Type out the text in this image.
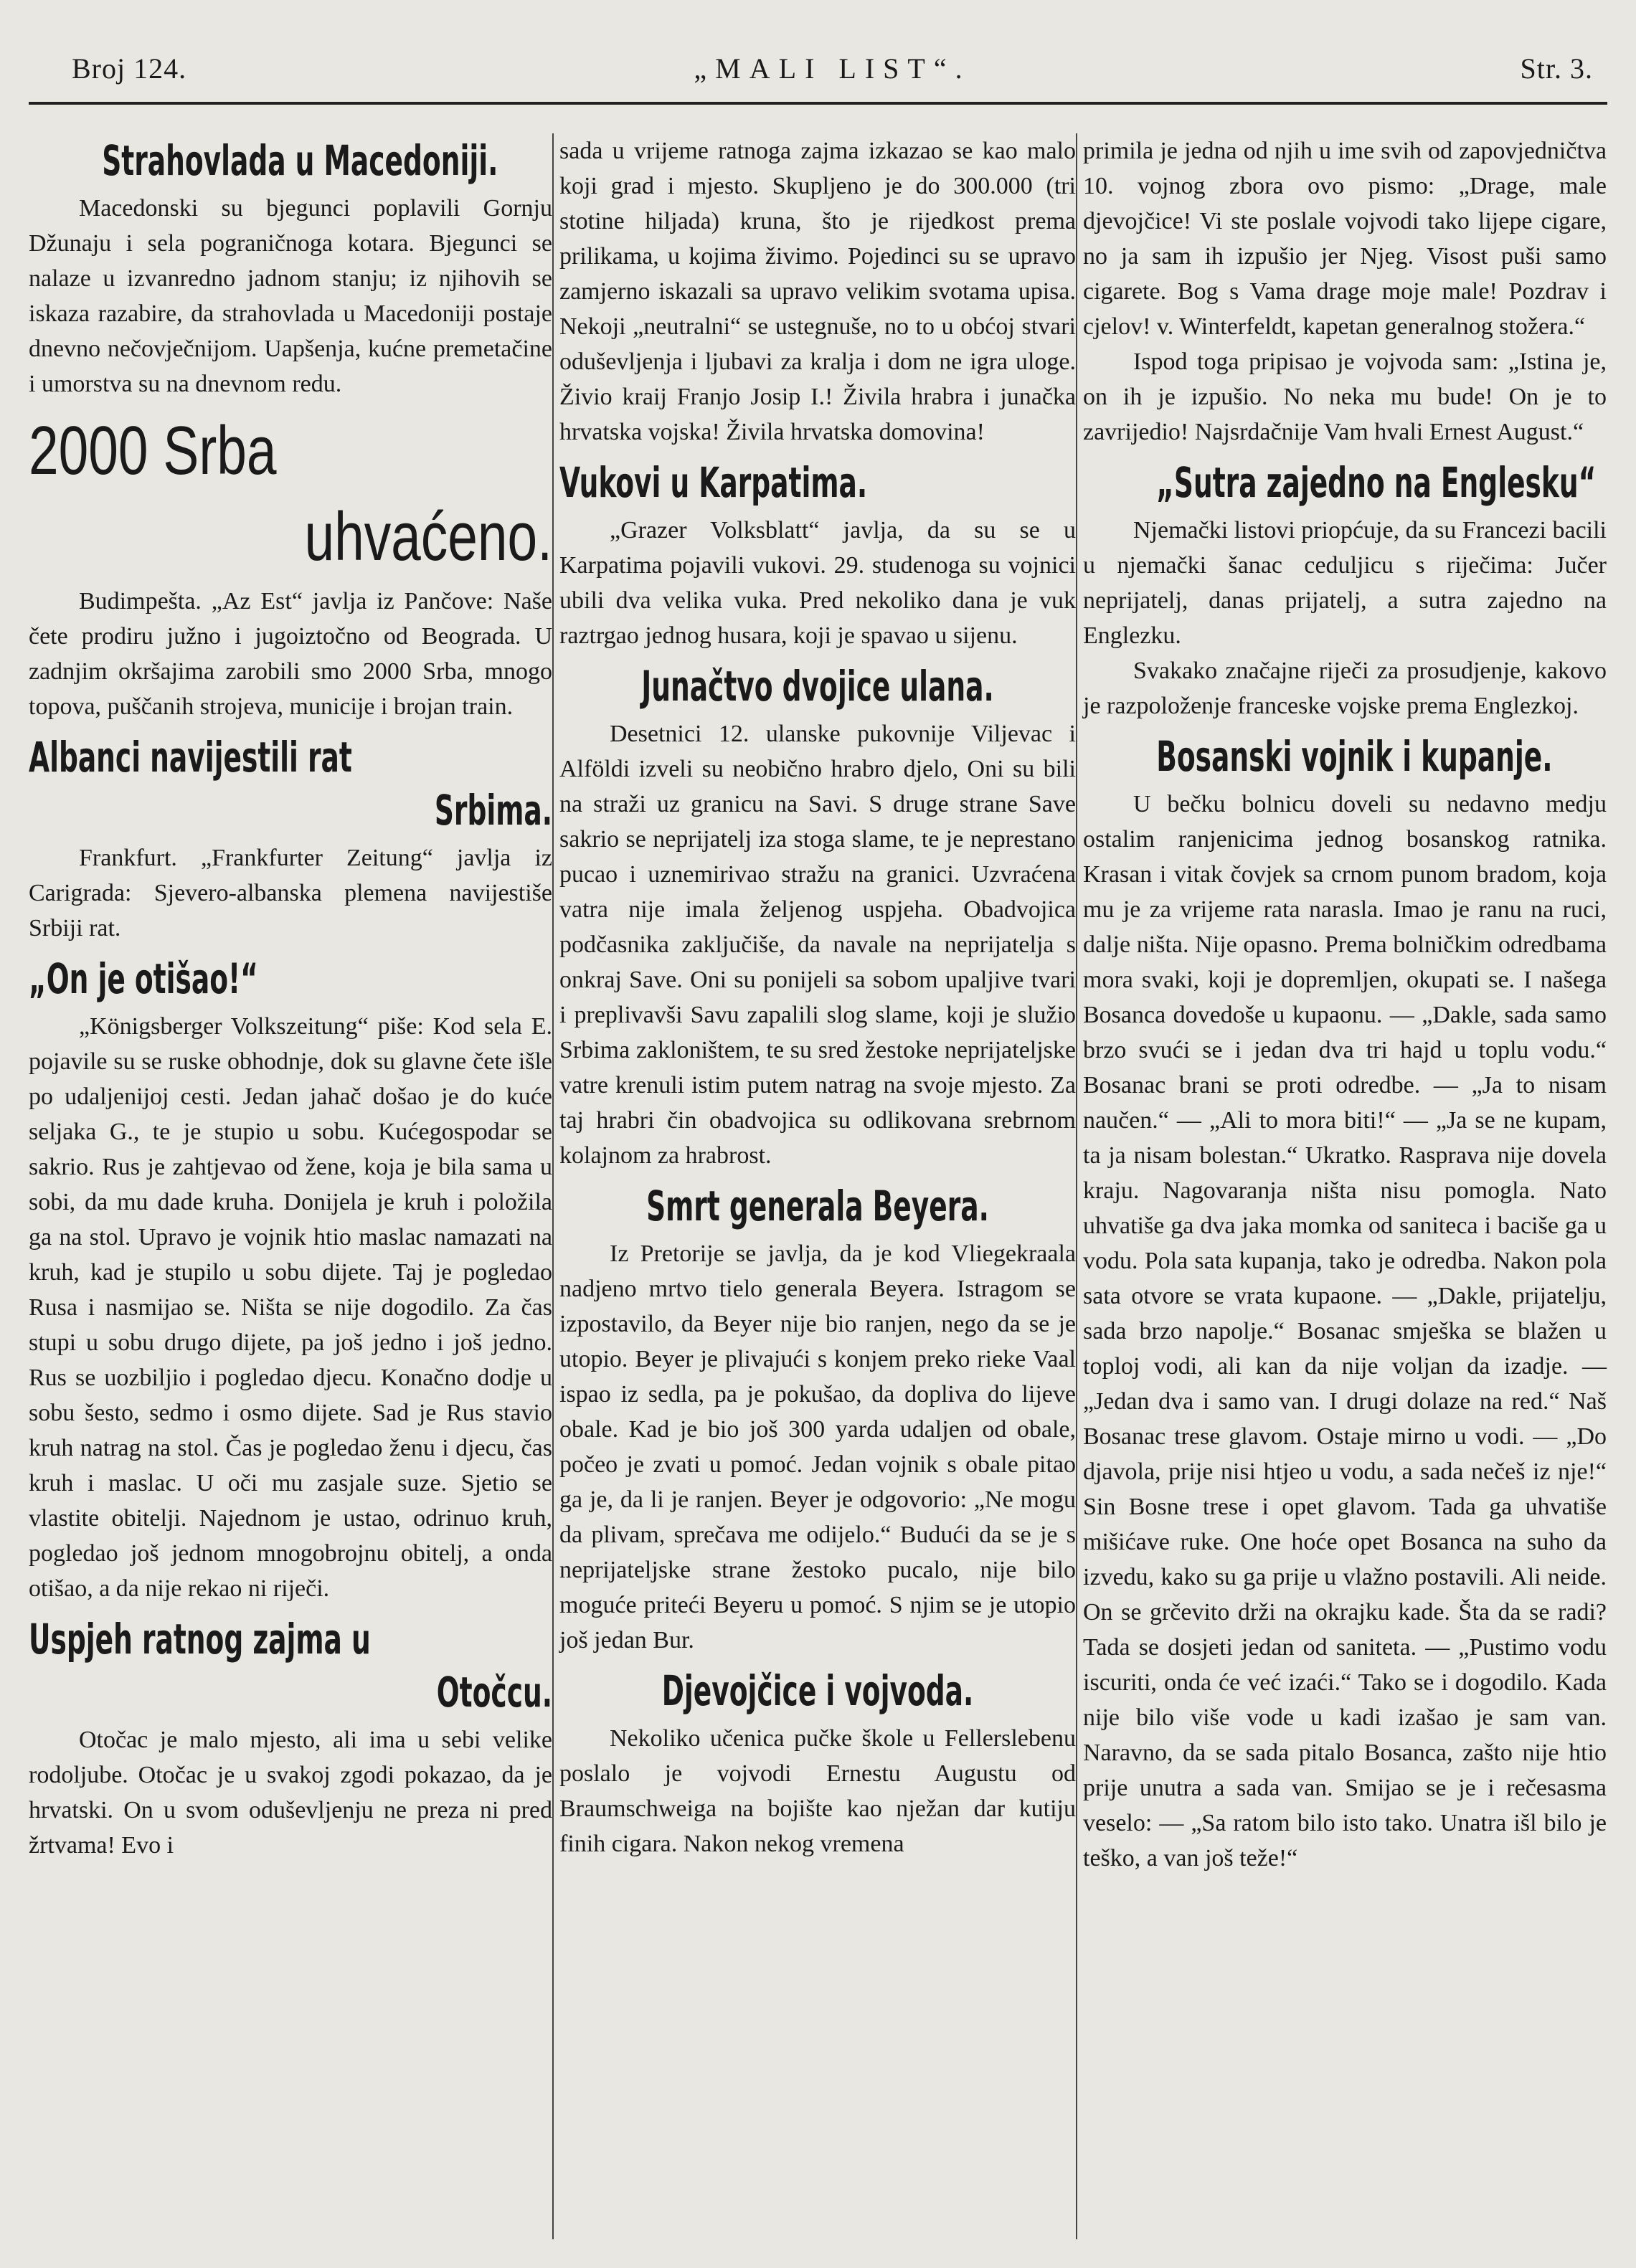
Broj 124.	„MALI LIST“.	Str. 3.
Strahovlada u Macedoniji.

Macedonski su bjegunci poplavili Gornju Džunaju i sela pograničnoga kotara. Bjegunci se nalaze u izvanredno jadnom stanju; iz njihovih se iskaza razabire, da strahovlada u Macedoniji postaje dnevno nečovječnijom. Uapšenja, kućne premetačine i umorstva su na dnevnom redu.

2000 Srba
uhvaćeno.

Budimpešta. „Az Est“ javlja iz Pančove: Naše čete prodiru južno i jugoiztočno od Beograda. U zadnjim okršajima zarobili smo 2000 Srba, mnogo topova, puščanih strojeva, municije i brojan train.

Albanci navijestili rat
Srbima.

Frankfurt. „Frankfurter Zeitung“ javlja iz Carigrada: Sjevero-albanska plemena navijestiše Srbiji rat.

„On je otišao!“

„Königsberger Volkszeitung“ piše: Kod sela E. pojavile su se ruske obhodnje, dok su glavne čete išle po udaljenijoj cesti. Jedan jahač došao je do kuće seljaka G., te je stupio u sobu. Kućegospodar se sakrio. Rus je zahtjevao od žene, koja je bila sama u sobi, da mu dade kruha. Donijela je kruh i položila ga na stol. Upravo je vojnik htio maslac namazati na kruh, kad je stupilo u sobu dijete. Taj je pogledao Rusa i nasmijao se. Ništa se nije dogodilo. Za čas stupi u sobu drugo dijete, pa još jedno i još jedno. Rus se uozbiljio i pogledao djecu. Konačno dodje u sobu šesto, sedmo i osmo dijete. Sad je Rus stavio kruh natrag na stol. Čas je pogledao ženu i djecu, čas kruh i maslac. U oči mu zasjale suze. Sjetio se vlastite obitelji. Najednom je ustao, odrinuo kruh, pogledao još jednom mnogobrojnu obitelj, a onda otišao, a da nije rekao ni riječi.

Uspjeh ratnog zajma u
Otočcu.

Otočac je malo mjesto, ali ima u sebi velike rodoljube. Otočac je u svakoj zgodi pokazao, da je hrvatski. On u svom oduševljenju ne preza ni pred žrtvama! Evo i

sada u vrijeme ratnoga zajma izkazao se kao malo koji grad i mjesto. Skupljeno je do 300.000 (tri stotine hiljada) kruna, što je rijedkost prema prilikama, u kojima živimo. Pojedinci su se upravo zamjerno iskazali sa upravo velikim svotama upisa. Nekoji „neutralni“ se ustegnuše, no to u obćoj stvari oduševljenja i ljubavi za kralja i dom ne igra uloge. Živio kraij Franjo Josip I.! Živila hrabra i junačka hrvatska vojska! Živila hrvatska domovina!

Vukovi u Karpatima.

„Grazer Volksblatt“ javlja, da su se u Karpatima pojavili vukovi. 29. studenoga su vojnici ubili dva velika vuka. Pred nekoliko dana je vuk raztrgao jednog husara, koji je spavao u sijenu.

Junačtvo dvojice ulana.

Desetnici 12. ulanske pukovnije Viljevac i Alföldi izveli su neobično hrabro djelo, Oni su bili na straži uz granicu na Savi. S druge strane Save sakrio se neprijatelj iza stoga slame, te je neprestano pucao i uznemirivao stražu na granici. Uzvraćena vatra nije imala željenog uspjeha. Obadvojica podčasnika zaključiše, da navale na neprijatelja s onkraj Save. Oni su ponijeli sa sobom upaljive tvari i preplivavši Savu zapalili slog slame, koji je služio Srbima zakloništem, te su sred žestoke neprijateljske vatre krenuli istim putem natrag na svoje mjesto. Za taj hrabri čin obadvojica su odlikovana srebrnom kolajnom za hrabrost.

Smrt generala Beyera.

Iz Pretorije se javlja, da je kod Vliegekraala nadjeno mrtvo tielo generala Beyera. Istragom se izpostavilo, da Beyer nije bio ranjen, nego da se je utopio. Beyer je plivajući s konjem preko rieke Vaal ispao iz sedla, pa je pokušao, da dopliva do lijeve obale. Kad je bio još 300 yarda udaljen od obale, počeo je zvati u pomoć. Jedan vojnik s obale pitao ga je, da li je ranjen. Beyer je odgovorio: „Ne mogu da plivam, sprečava me odijelo.“ Budući da se je s neprijateljske strane žestoko pucalo, nije bilo moguće priteći Beyeru u pomoć. S njim se je utopio još jedan Bur.

Djevojčice i vojvoda.

Nekoliko učenica pučke škole u Fellerslebenu poslalo je vojvodi Ernestu Augustu od Braumschweiga na bojište kao nježan dar kutiju finih cigara. Nakon nekog vremena

primila je jedna od njih u ime svih od zapovjedničtva 10. vojnog zbora ovo pismo: „Drage, male djevojčice! Vi ste poslale vojvodi tako lijepe cigare, no ja sam ih izpušio jer Njeg. Visost puši samo cigarete. Bog s Vama drage moje male! Pozdrav i cjelov! v. Winterfeldt, kapetan generalnog stožera.“

Ispod toga pripisao je vojvoda sam: „Istina je, on ih je izpušio. No neka mu bude! On je to zavrijedio! Najsrdačnije Vam hvali Ernest August.“

„Sutra zajedno na Englesku“

Njemački listovi priopćuje, da su Francezi bacili u njemački šanac ceduljicu s riječima: Jučer neprijatelj, danas prijatelj, a sutra zajedno na Englezku.

Svakako značajne riječi za prosudjenje, kakovo je razpoloženje franceske vojske prema Englezkoj.

Bosanski vojnik i kupanje.

U bečku bolnicu doveli su nedavno medju ostalim ranjenicima jednog bosanskog ratnika. Krasan i vitak čovjek sa crnom punom bradom, koja mu je za vrijeme rata narasla. Imao je ranu na ruci, dalje ništa. Nije opasno. Prema bolničkim odredbama mora svaki, koji je dopremljen, okupati se. I našega Bosanca dovedoše u kupaonu. — „Dakle, sada samo brzo svući se i jedan dva tri hajd u toplu vodu.“ Bosanac brani se proti odredbe. — „Ja to nisam naučen.“ — „Ali to mora biti!“ — „Ja se ne kupam, ta ja nisam bolestan.“ Ukratko. Rasprava nije dovela kraju. Nagovaranja ništa nisu pomogla. Nato uhvatiše ga dva jaka momka od saniteca i baciše ga u vodu. Pola sata kupanja, tako je odredba. Nakon pola sata otvore se vrata kupaone. — „Dakle, prijatelju, sada brzo napolje.“ Bosanac smješka se blažen u toploj vodi, ali kan da nije voljan da izadje. — „Jedan dva i samo van. I drugi dolaze na red.“ Naš Bosanac trese glavom. Ostaje mirno u vodi. — „Do djavola, prije nisi htjeo u vodu, a sada nečeš iz nje!“ Sin Bosne trese i opet glavom. Tada ga uhvatiše mišićave ruke. One hoće opet Bosanca na suho da izvedu, kako su ga prije u vlažno postavili. Ali neide. On se grčevito drži na okrajku kade. Šta da se radi? Tada se dosjeti jedan od saniteta. — „Pustimo vodu iscuriti, onda će već izaći.“ Tako se i dogodilo. Kada nije bilo više vode u kadi izašao je sam van. Naravno, da se sada pitalo Bosanca, zašto nije htio prije unutra a sada van. Smijao se je i rečesasma veselo: — „Sa ratom bilo isto tako. Unatra išl bilo je teško, a van još teže!“
